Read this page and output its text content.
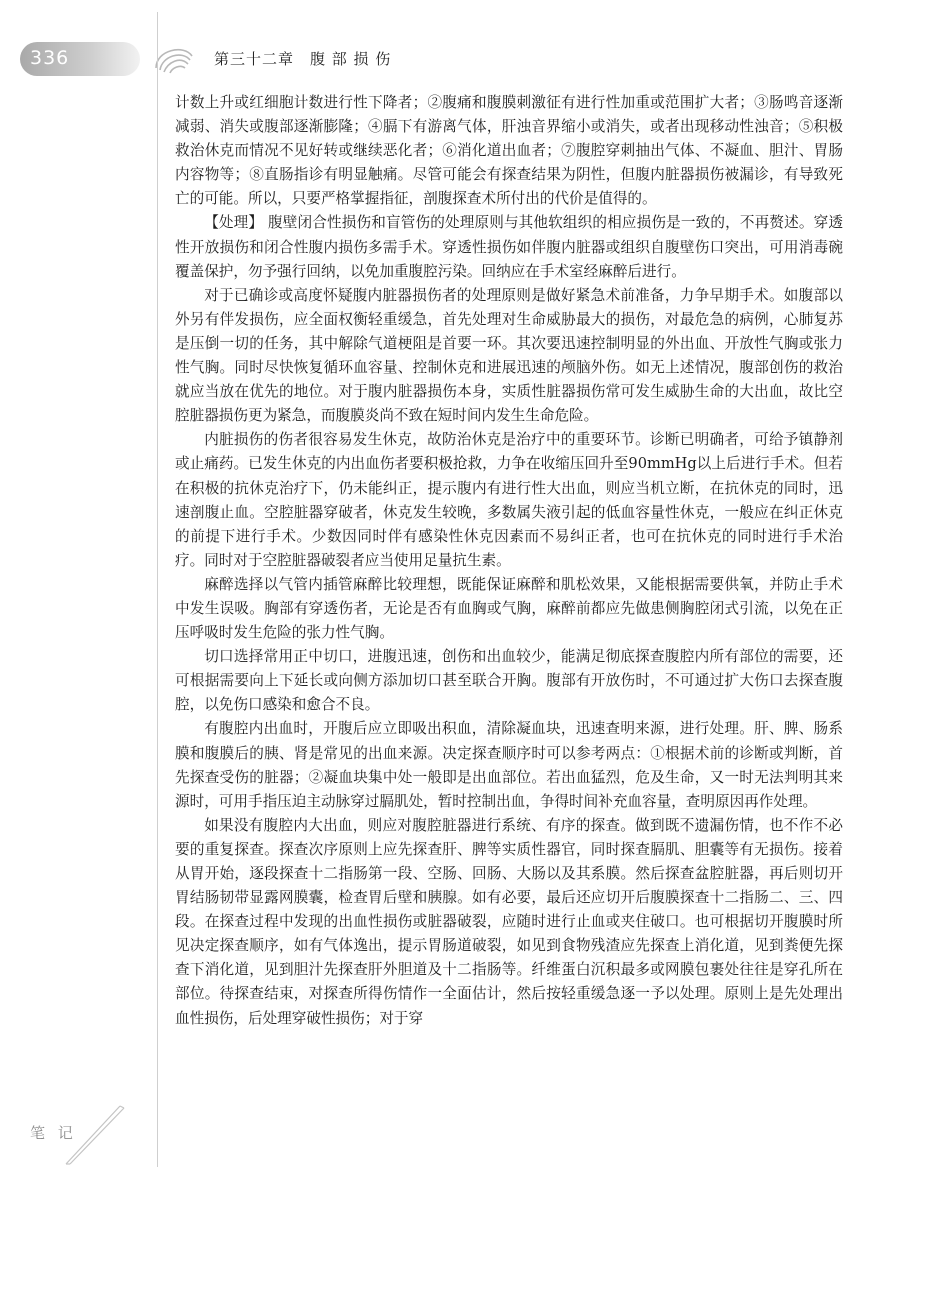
336	第三十二章　腹 部 损 伤

计数上升或红细胞计数进行性下降者；②腹痛和腹膜刺激征有进行性加重或范围扩大者；③肠鸣音逐渐减弱、消失或腹部逐渐膨隆；④膈下有游离气体，肝浊音界缩小或消失，或者出现移动性浊音；⑤积极救治休克而情况不见好转或继续恶化者；⑥消化道出血者；⑦腹腔穿刺抽出气体、不凝血、胆汁、胃肠内容物等；⑧直肠指诊有明显触痛。尽管可能会有探查结果为阴性，但腹内脏器损伤被漏诊，有导致死亡的可能。所以，只要严格掌握指征，剖腹探查术所付出的代价是值得的。

【处理】 腹壁闭合性损伤和盲管伤的处理原则与其他软组织的相应损伤是一致的，不再赘述。穿透性开放损伤和闭合性腹内损伤多需手术。穿透性损伤如伴腹内脏器或组织自腹壁伤口突出，可用消毒碗覆盖保护，勿予强行回纳，以免加重腹腔污染。回纳应在手术室经麻醉后进行。

对于已确诊或高度怀疑腹内脏器损伤者的处理原则是做好紧急术前准备，力争早期手术。如腹部以外另有伴发损伤，应全面权衡轻重缓急，首先处理对生命威胁最大的损伤，对最危急的病例，心肺复苏是压倒一切的任务，其中解除气道梗阻是首要一环。其次要迅速控制明显的外出血、开放性气胸或张力性气胸。同时尽快恢复循环血容量、控制休克和进展迅速的颅脑外伤。如无上述情况，腹部创伤的救治就应当放在优先的地位。对于腹内脏器损伤本身，实质性脏器损伤常可发生威胁生命的大出血，故比空腔脏器损伤更为紧急，而腹膜炎尚不致在短时间内发生生命危险。

内脏损伤的伤者很容易发生休克，故防治休克是治疗中的重要环节。诊断已明确者，可给予镇静剂或止痛药。已发生休克的内出血伤者要积极抢救，力争在收缩压回升至90mmHg以上后进行手术。但若在积极的抗休克治疗下，仍未能纠正，提示腹内有进行性大出血，则应当机立断，在抗休克的同时，迅速剖腹止血。空腔脏器穿破者，休克发生较晚，多数属失液引起的低血容量性休克，一般应在纠正休克的前提下进行手术。少数因同时伴有感染性休克因素而不易纠正者，也可在抗休克的同时进行手术治疗。同时对于空腔脏器破裂者应当使用足量抗生素。

麻醉选择以气管内插管麻醉比较理想，既能保证麻醉和肌松效果，又能根据需要供氧，并防止手术中发生误吸。胸部有穿透伤者，无论是否有血胸或气胸，麻醉前都应先做患侧胸腔闭式引流，以免在正压呼吸时发生危险的张力性气胸。

切口选择常用正中切口，进腹迅速，创伤和出血较少，能满足彻底探查腹腔内所有部位的需要，还可根据需要向上下延长或向侧方添加切口甚至联合开胸。腹部有开放伤时，不可通过扩大伤口去探查腹腔，以免伤口感染和愈合不良。

有腹腔内出血时，开腹后应立即吸出积血，清除凝血块，迅速查明来源，进行处理。肝、脾、肠系膜和腹膜后的胰、肾是常见的出血来源。决定探查顺序时可以参考两点：①根据术前的诊断或判断，首先探查受伤的脏器；②凝血块集中处一般即是出血部位。若出血猛烈，危及生命，又一时无法判明其来源时，可用手指压迫主动脉穿过膈肌处，暂时控制出血，争得时间补充血容量，查明原因再作处理。

如果没有腹腔内大出血，则应对腹腔脏器进行系统、有序的探查。做到既不遗漏伤情，也不作不必要的重复探查。探查次序原则上应先探查肝、脾等实质性器官，同时探查膈肌、胆囊等有无损伤。接着从胃开始，逐段探查十二指肠第一段、空肠、回肠、大肠以及其系膜。然后探查盆腔脏器，再后则切开胃结肠韧带显露网膜囊，检查胃后壁和胰腺。如有必要，最后还应切开后腹膜探查十二指肠二、三、四段。在探查过程中发现的出血性损伤或脏器破裂，应随时进行止血或夹住破口。也可根据切开腹膜时所见决定探查顺序，如有气体逸出，提示胃肠道破裂，如见到食物残渣应先探查上消化道，见到粪便先探查下消化道，见到胆汁先探查肝外胆道及十二指肠等。纤维蛋白沉积最多或网膜包裹处往往是穿孔所在部位。待探查结束，对探查所得伤情作一全面估计，然后按轻重缓急逐一予以处理。原则上是先处理出血性损伤，后处理穿破性损伤；对于穿

笔 记
